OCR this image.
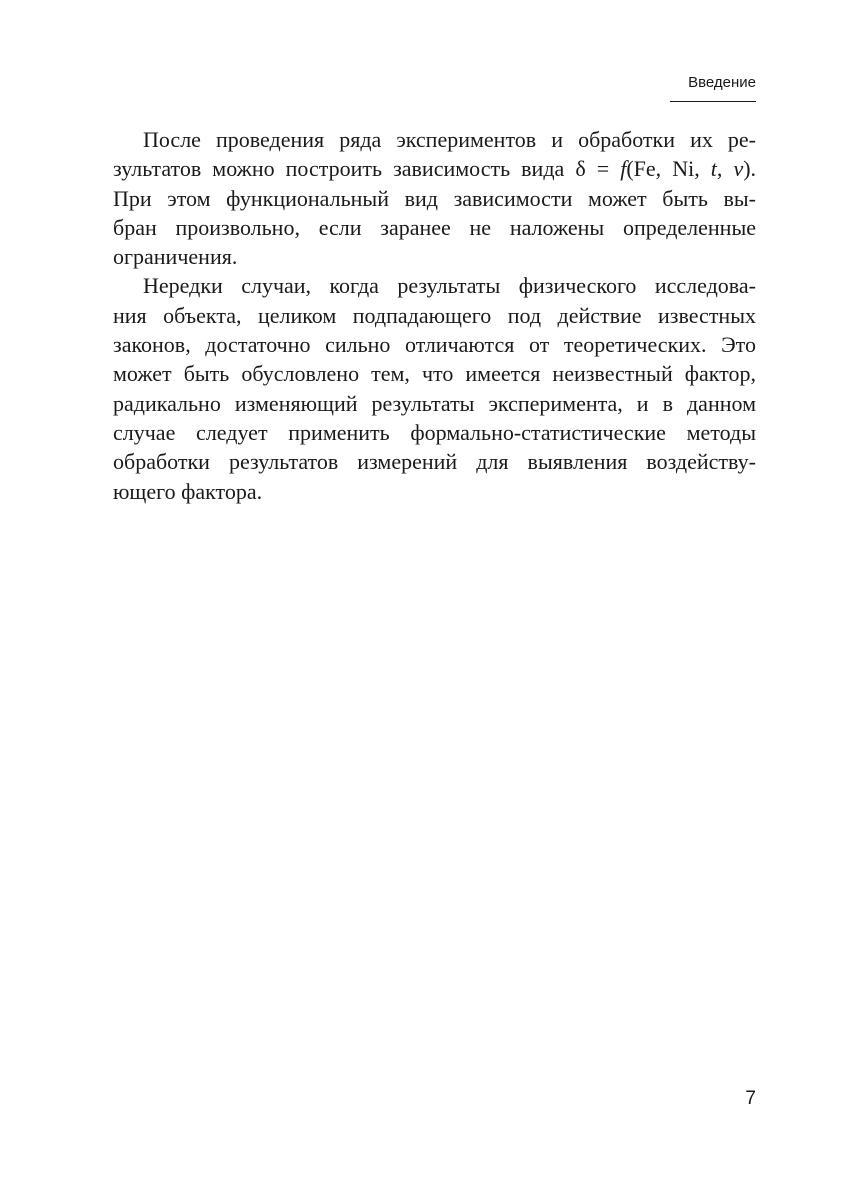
Введение
После проведения ряда экспериментов и обработки их ре-
зультатов можно построить зависимость вида δ = f(Fe, Ni, t, v).
При этом функциональный вид зависимости может быть вы-
бран произвольно, если заранее не наложены определенные
ограничения.
Нередки случаи, когда результаты физического исследова-
ния объекта, целиком подпадающего под действие известных
законов, достаточно сильно отличаются от теоретических. Это
может быть обусловлено тем, что имеется неизвестный фактор,
радикально изменяющий результаты эксперимента, и в данном
случае следует применить формально-статистические методы
обработки результатов измерений для выявления воздейству-
ющего фактора.
7
